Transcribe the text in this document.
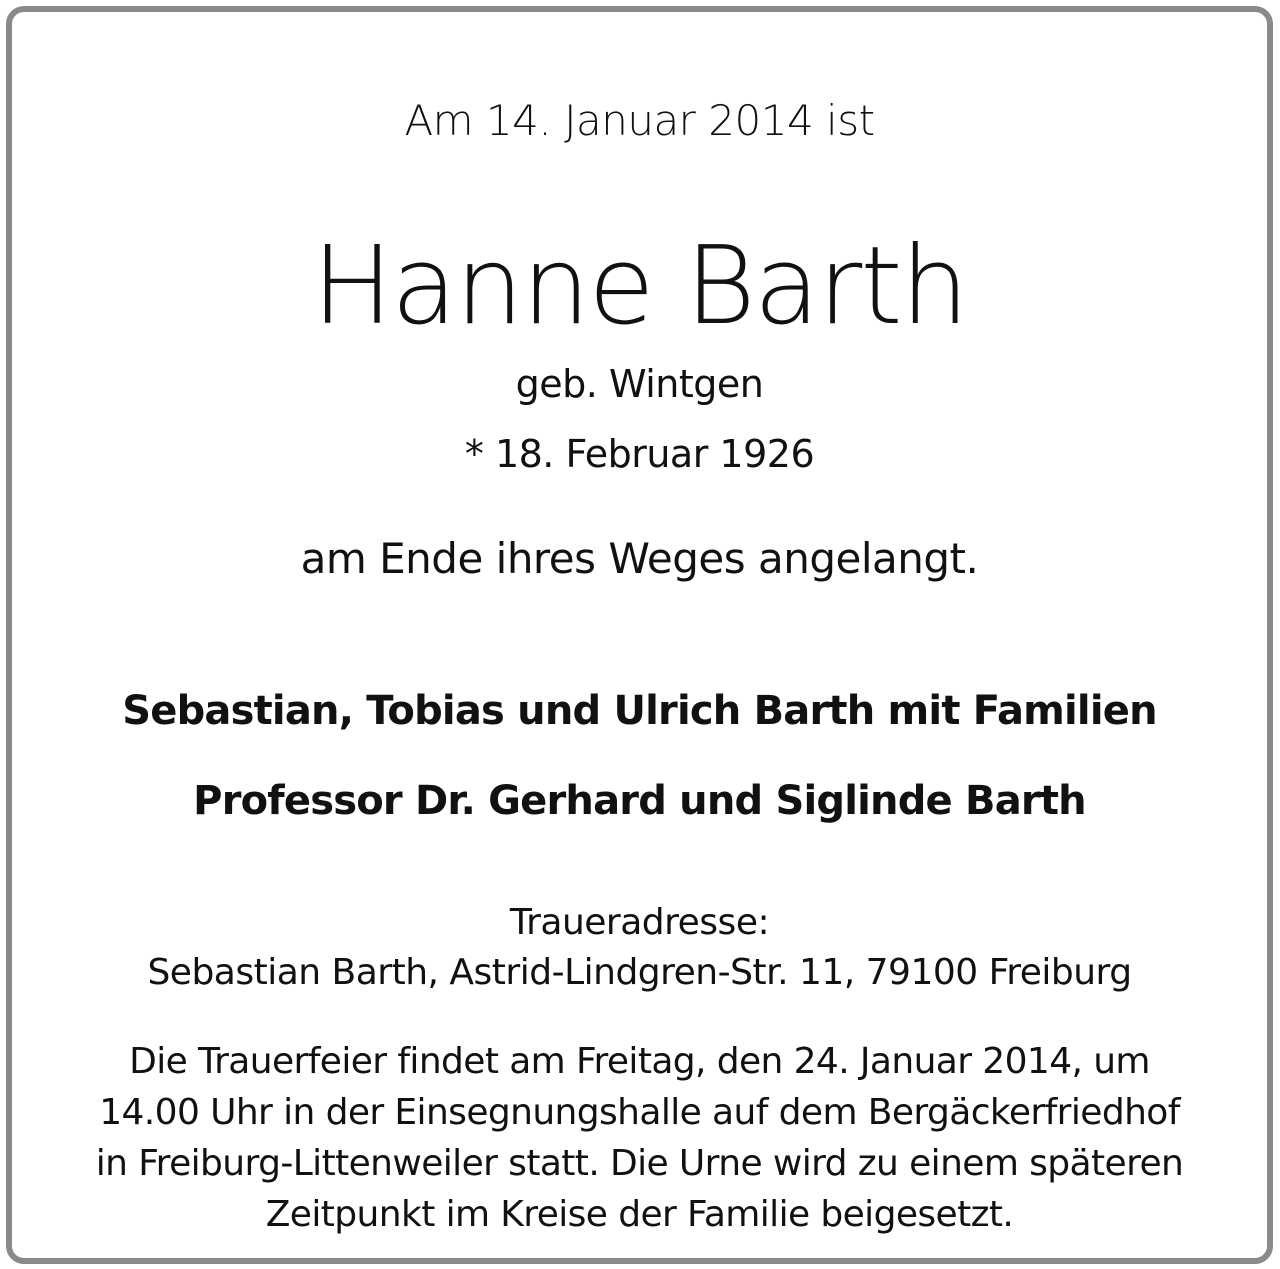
Am 14. Januar 2014 ist
Hanne Barth
geb. Wintgen
* 18. Februar 1926
am Ende ihres Weges angelangt.
Sebastian, Tobias und Ulrich Barth mit Familien
Professor Dr. Gerhard und Siglinde Barth
Traueradresse:
Sebastian Barth, Astrid-Lindgren-Str. 11, 79100 Freiburg
Die Trauerfeier findet am Freitag, den 24. Januar 2014, um
14.00 Uhr in der Einsegnungshalle auf dem Bergäckerfriedhof
in Freiburg-Littenweiler statt. Die Urne wird zu einem späteren
Zeitpunkt im Kreise der Familie beigesetzt.
